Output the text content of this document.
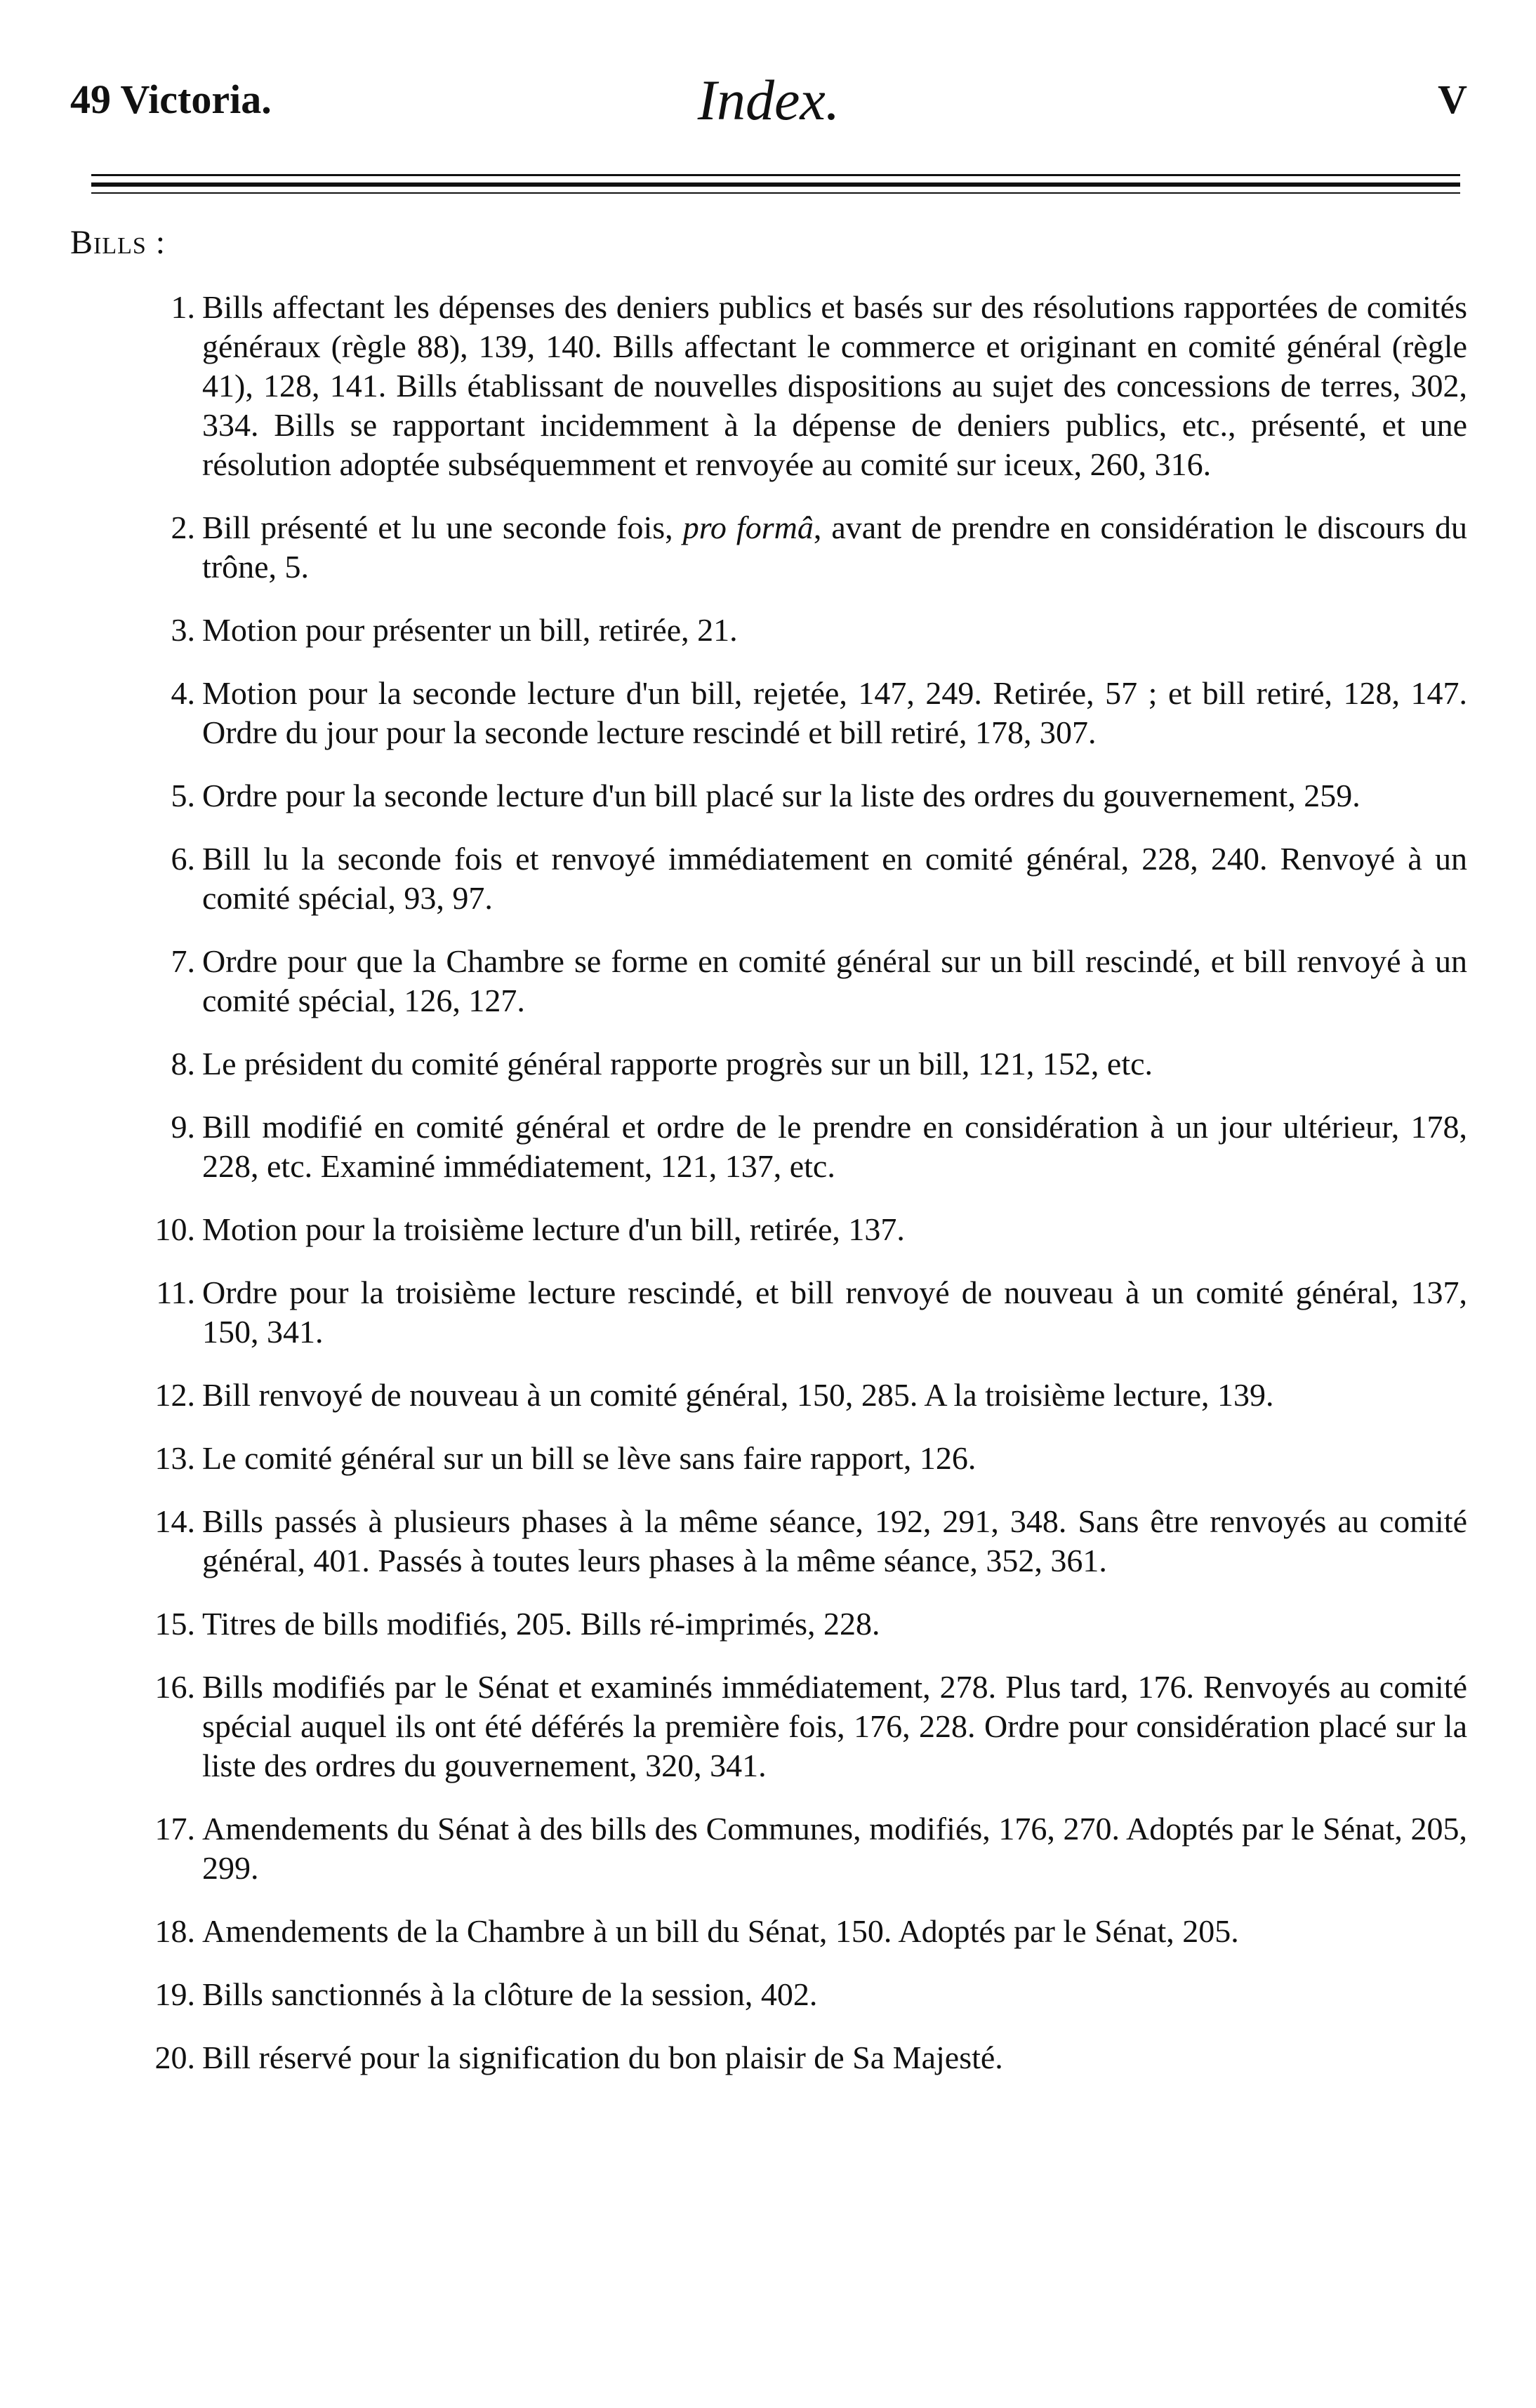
49 Victoria.	Index.	V
Bills :
1. Bills affectant les dépenses des deniers publics et basés sur des résolutions rapportées de comités généraux (règle 88), 139, 140. Bills affectant le commerce et originant en comité général (règle 41), 128, 141. Bills établissant de nouvelles dispositions au sujet des concessions de terres, 302, 334. Bills se rapportant incidemment à la dépense de deniers publics, etc., présenté, et une résolution adoptée subséquemment et renvoyée au comité sur iceux, 260, 316.
2. Bill présenté et lu une seconde fois, pro formâ, avant de prendre en considération le discours du trône, 5.
3. Motion pour présenter un bill, retirée, 21.
4. Motion pour la seconde lecture d'un bill, rejetée, 147, 249. Retirée, 57 ; et bill retiré, 128, 147. Ordre du jour pour la seconde lecture rescindé et bill retiré, 178, 307.
5. Ordre pour la seconde lecture d'un bill placé sur la liste des ordres du gouvernement, 259.
6. Bill lu la seconde fois et renvoyé immédiatement en comité général, 228, 240. Renvoyé à un comité spécial, 93, 97.
7. Ordre pour que la Chambre se forme en comité général sur un bill rescindé, et bill renvoyé à un comité spécial, 126, 127.
8. Le président du comité général rapporte progrès sur un bill, 121, 152, etc.
9. Bill modifié en comité général et ordre de le prendre en considération à un jour ultérieur, 178, 228, etc. Examiné immédiatement, 121, 137, etc.
10. Motion pour la troisième lecture d'un bill, retirée, 137.
11. Ordre pour la troisième lecture rescindé, et bill renvoyé de nouveau à un comité général, 137, 150, 341.
12. Bill renvoyé de nouveau à un comité général, 150, 285. A la troisième lecture, 139.
13. Le comité général sur un bill se lève sans faire rapport, 126.
14. Bills passés à plusieurs phases à la même séance, 192, 291, 348. Sans être renvoyés au comité général, 401. Passés à toutes leurs phases à la même séance, 352, 361.
15. Titres de bills modifiés, 205. Bills ré-imprimés, 228.
16. Bills modifiés par le Sénat et examinés immédiatement, 278. Plus tard, 176. Renvoyés au comité spécial auquel ils ont été déférés la première fois, 176, 228. Ordre pour considération placé sur la liste des ordres du gouvernement, 320, 341.
17. Amendements du Sénat à des bills des Communes, modifiés, 176, 270. Adoptés par le Sénat, 205, 299.
18. Amendements de la Chambre à un bill du Sénat, 150. Adoptés par le Sénat, 205.
19. Bills sanctionnés à la clôture de la session, 402.
20. Bill réservé pour la signification du bon plaisir de Sa Majesté.
